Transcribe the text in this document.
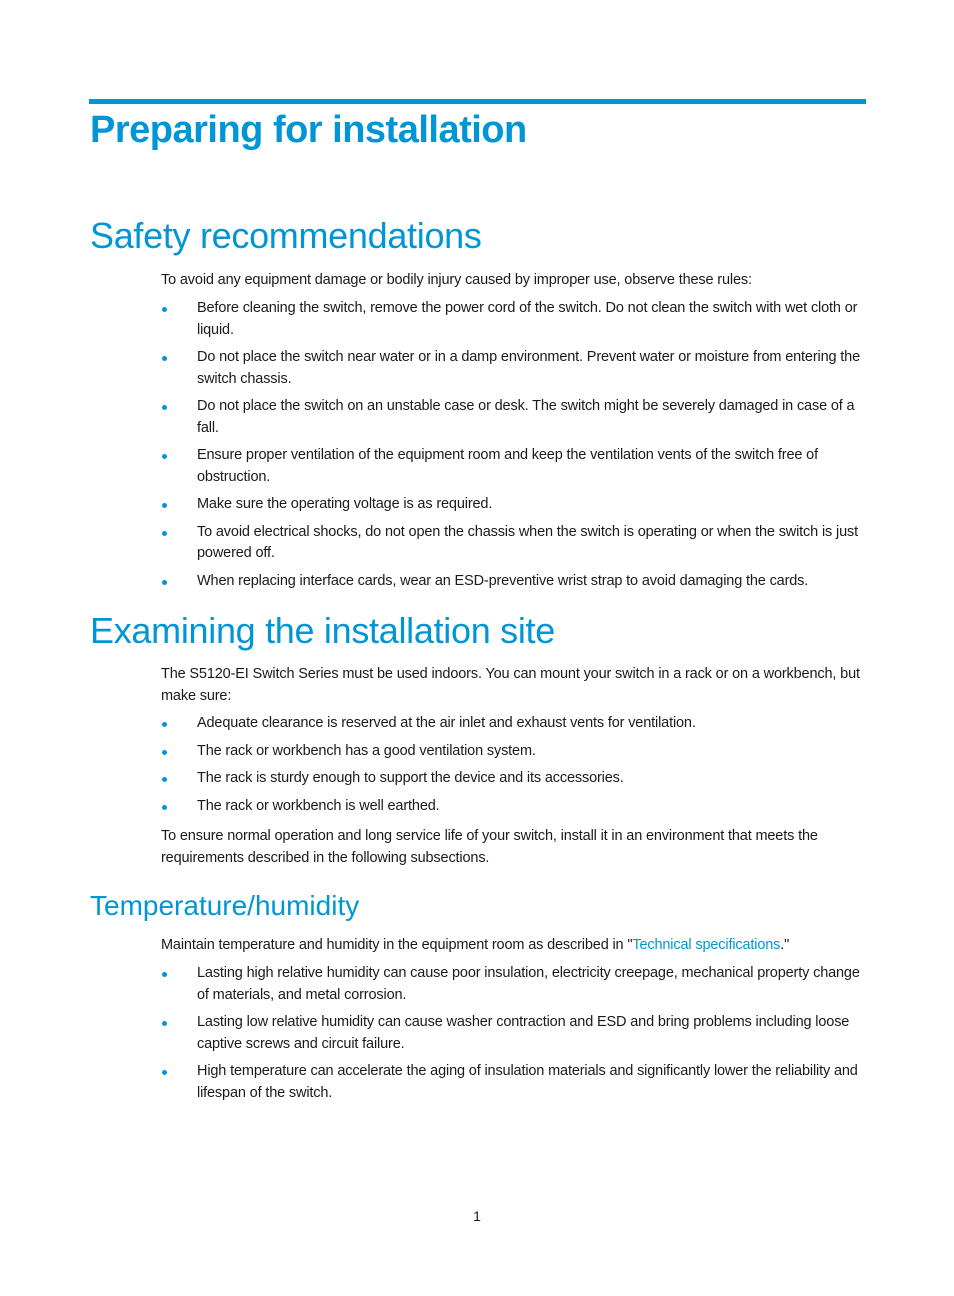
Preparing for installation
Safety recommendations

To avoid any equipment damage or bodily injury caused by improper use, observe these rules:

Before cleaning the switch, remove the power cord of the switch. Do not clean the switch with wet cloth or liquid.
Do not place the switch near water or in a damp environment. Prevent water or moisture from entering the switch chassis.
Do not place the switch on an unstable case or desk. The switch might be severely damaged in case of a fall.
Ensure proper ventilation of the equipment room and keep the ventilation vents of the switch free of obstruction.
Make sure the operating voltage is as required.
To avoid electrical shocks, do not open the chassis when the switch is operating or when the switch is just powered off.
When replacing interface cards, wear an ESD-preventive wrist strap to avoid damaging the cards.
Examining the installation site

The S5120-EI Switch Series must be used indoors. You can mount your switch in a rack or on a workbench, but make sure:

Adequate clearance is reserved at the air inlet and exhaust vents for ventilation.
The rack or workbench has a good ventilation system.
The rack is sturdy enough to support the device and its accessories.
The rack or workbench is well earthed.

To ensure normal operation and long service life of your switch, install it in an environment that meets the requirements described in the following subsections.

Temperature/humidity

Maintain temperature and humidity in the equipment room as described in "Technical specifications."

Lasting high relative humidity can cause poor insulation, electricity creepage, mechanical property change of materials, and metal corrosion.
Lasting low relative humidity can cause washer contraction and ESD and bring problems including loose captive screws and circuit failure.
High temperature can accelerate the aging of insulation materials and significantly lower the reliability and lifespan of the switch.

1
